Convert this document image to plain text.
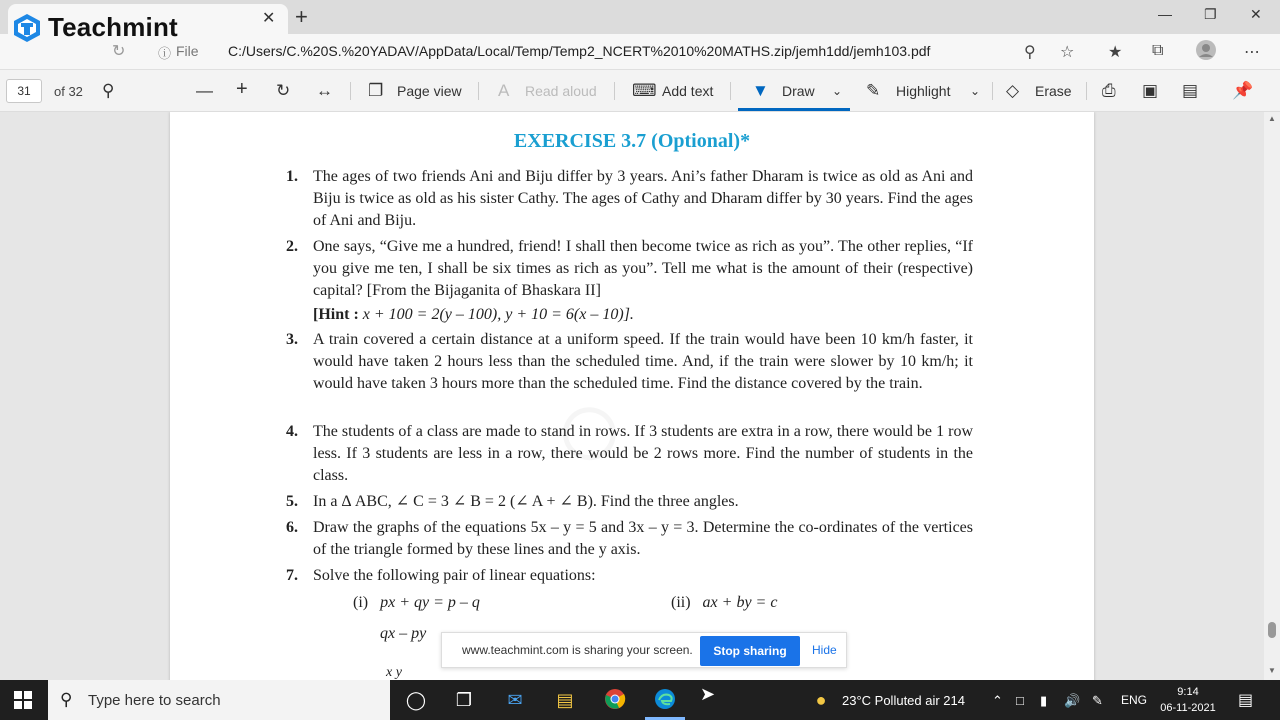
✕ +	— ❐ ✕
Teachmint
↻	ⓘ File C:/Users/C.%20S.%20YADAV/AppData/Local/Temp/Temp2_NCERT%2010%20MATHS.zip/jemh1dd/jemh103.pdf	⚲ ☆ ★ ⧉	⋯
31	of 32 ⚲	— + ↻ ↔ ❐ Page view A Read aloud ⌨ Add text ▼ Draw ⌄ ✎ Highlight ⌄ ◇ Erase ⎙ ▣ ▤ 📌
EXERCISE 3.7 (Optional)*
1. The ages of two friends Ani and Biju differ by 3 years. Ani’s father Dharam is twice as old as Ani and Biju is twice as old as his sister Cathy. The ages of Cathy and Dharam differ by 30 years. Find the ages of Ani and Biju.
2. One says, “Give me a hundred, friend! I shall then become twice as rich as you”. The other replies, “If you give me ten, I shall be six times as rich as you”. Tell me what is the amount of their (respective) capital? [From the Bijaganita of Bhaskara II]
[Hint : x + 100 = 2(y – 100), y + 10 = 6(x – 10)].
3. A train covered a certain distance at a uniform speed. If the train would have been 10 km/h faster, it would have taken 2 hours less than the scheduled time. And, if the train were slower by 10 km/h; it would have taken 3 hours more than the scheduled time. Find the distance covered by the train.
4. The students of a class are made to stand in rows. If 3 students are extra in a row, there would be 1 row less. If 3 students are less in a row, there would be 2 rows more. Find the number of students in the class.
5. In a Δ ABC, ∠ C = 3 ∠ B = 2 (∠ A + ∠ B). Find the three angles.
6. Draw the graphs of the equations 5x – y = 5 and 3x – y = 3. Determine the co-ordinates of the vertices of the triangle formed by these lines and the y axis.
7. Solve the following pair of linear equations:
(i) px + qy = p – q
qx – py
(ii) ax + by = c
x y
www.teachmint.com is sharing your screen.	Stop sharing	Hide
▲
▼
⚲ Type here to search	◯ ❐	✉	▤	●	23°C Polluted air 214 ⌃ □ ▮ 🔊 ✎ ENG
9:14
06-11-2021	▤
➤
